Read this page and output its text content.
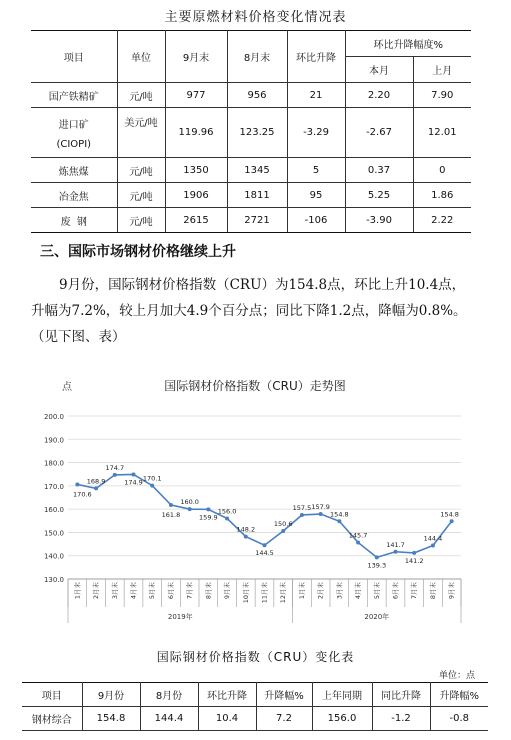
主要原燃材料价格变化情况表
项目	单位	9月末	8月末	环比升降	环比升降幅度%	
					本月	上月
国产铁精矿	元/吨	977	956	21	2.20	7.90

进口矿
(CIOPI)	美元/吨	119.96	123.25	-3.29	-2.67	12.01
炼焦煤	元/吨	1350	1345	5	0.37	0
冶金焦	元/吨	1906	1811	95	5.25	1.86
废  钢	元/吨	2615	2721	-106	-3.90	2.22
三、国际市场钢材价格继续上升
9月份，国际钢材价格指数（CRU）为154.8点，环比上升10.4点，升幅为7.2%，较上月加大4.9个百分点；同比下降1.2点，降幅为0.8%。（见下图、表）
点	国际钢材价格指数（CRU）走势图
130.0
140.0
150.0
160.0
170.0
180.0
190.0
200.0
2019年	2020年
1月末 2月末 3月末 4月末 5月末 6月末 7月末 8月末 9月末 10月末 11月末 12月末 1月末 2月末 3月末 4月末 5月末 6月末 7月末 8月末 9月末
170.6
168.9
174.7
174.9 170.1
161.8
160.0
159.9
156.0
148.2
144.5
150.6
157.5 157.9
154.8
145.7
139.3
141.7
141.2
144.4
154.8
国际钢材价格指数（CRU）变化表
单位：点
项目	9月份	8月份	环比升降	升降幅%	上年同期	同比升降	升降幅%
钢材综合	154.8	144.4	10.4	7.2	156.0	-1.2	-0.8
